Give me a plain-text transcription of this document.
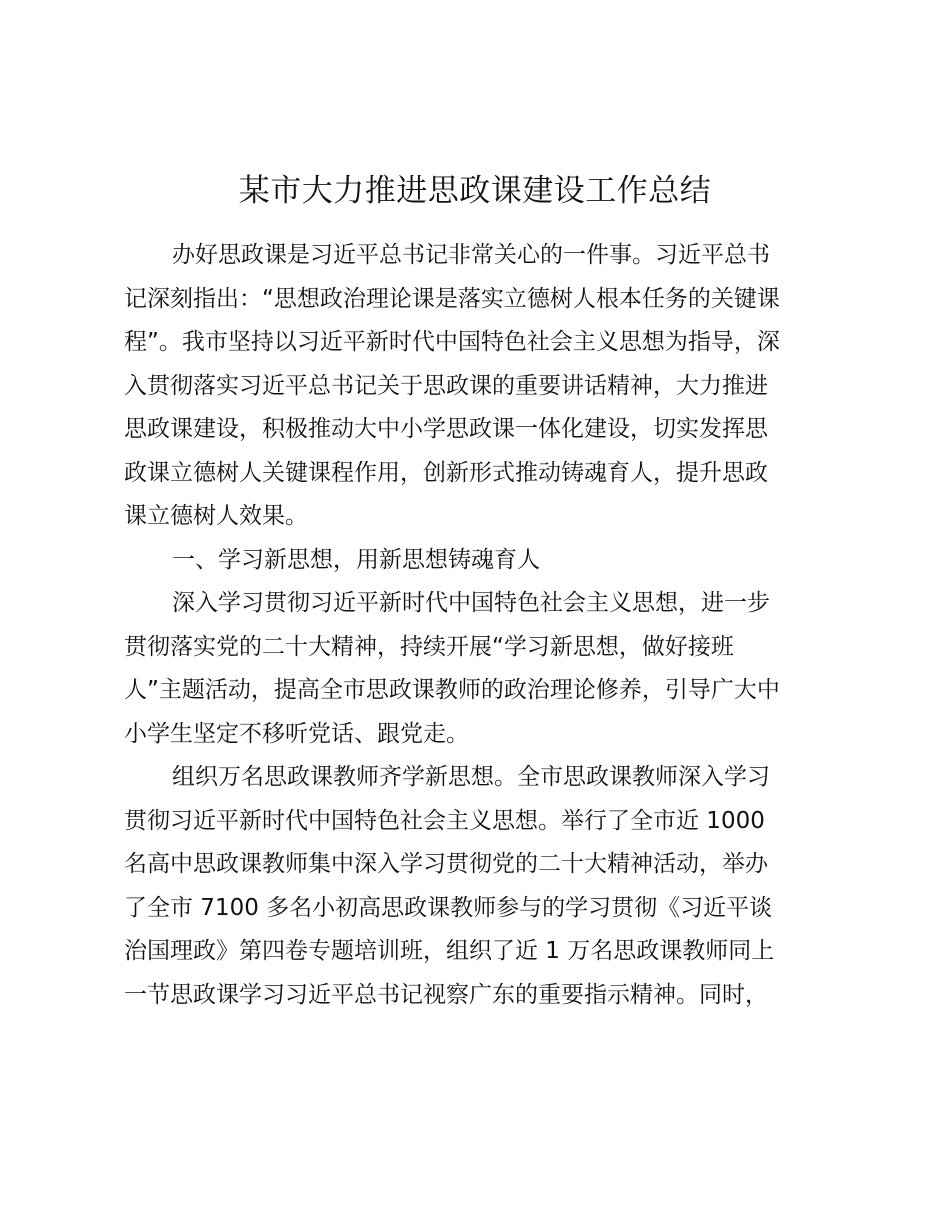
某市大力推进思政课建设工作总结
办好思政课是习近平总书记非常关心的一件事。习近平总书
记深刻指出：“思想政治理论课是落实立德树人根本任务的关键课
程”。我市坚持以习近平新时代中国特色社会主义思想为指导，深
入贯彻落实习近平总书记关于思政课的重要讲话精神，大力推进
思政课建设，积极推动大中小学思政课一体化建设，切实发挥思
政课立德树人关键课程作用，创新形式推动铸魂育人，提升思政
课立德树人效果。
一、学习新思想，用新思想铸魂育人
深入学习贯彻习近平新时代中国特色社会主义思想，进一步
贯彻落实党的二十大精神，持续开展“学习新思想，做好接班
人”主题活动，提高全市思政课教师的政治理论修养，引导广大中
小学生坚定不移听党话、跟党走。
组织万名思政课教师齐学新思想。全市思政课教师深入学习
贯彻习近平新时代中国特色社会主义思想。举行了全市近 1000
名高中思政课教师集中深入学习贯彻党的二十大精神活动，举办
了全市 7100 多名小初高思政课教师参与的学习贯彻《习近平谈
治国理政》第四卷专题培训班，组织了近 1 万名思政课教师同上
一节思政课学习习近平总书记视察广东的重要指示精神。同时，
